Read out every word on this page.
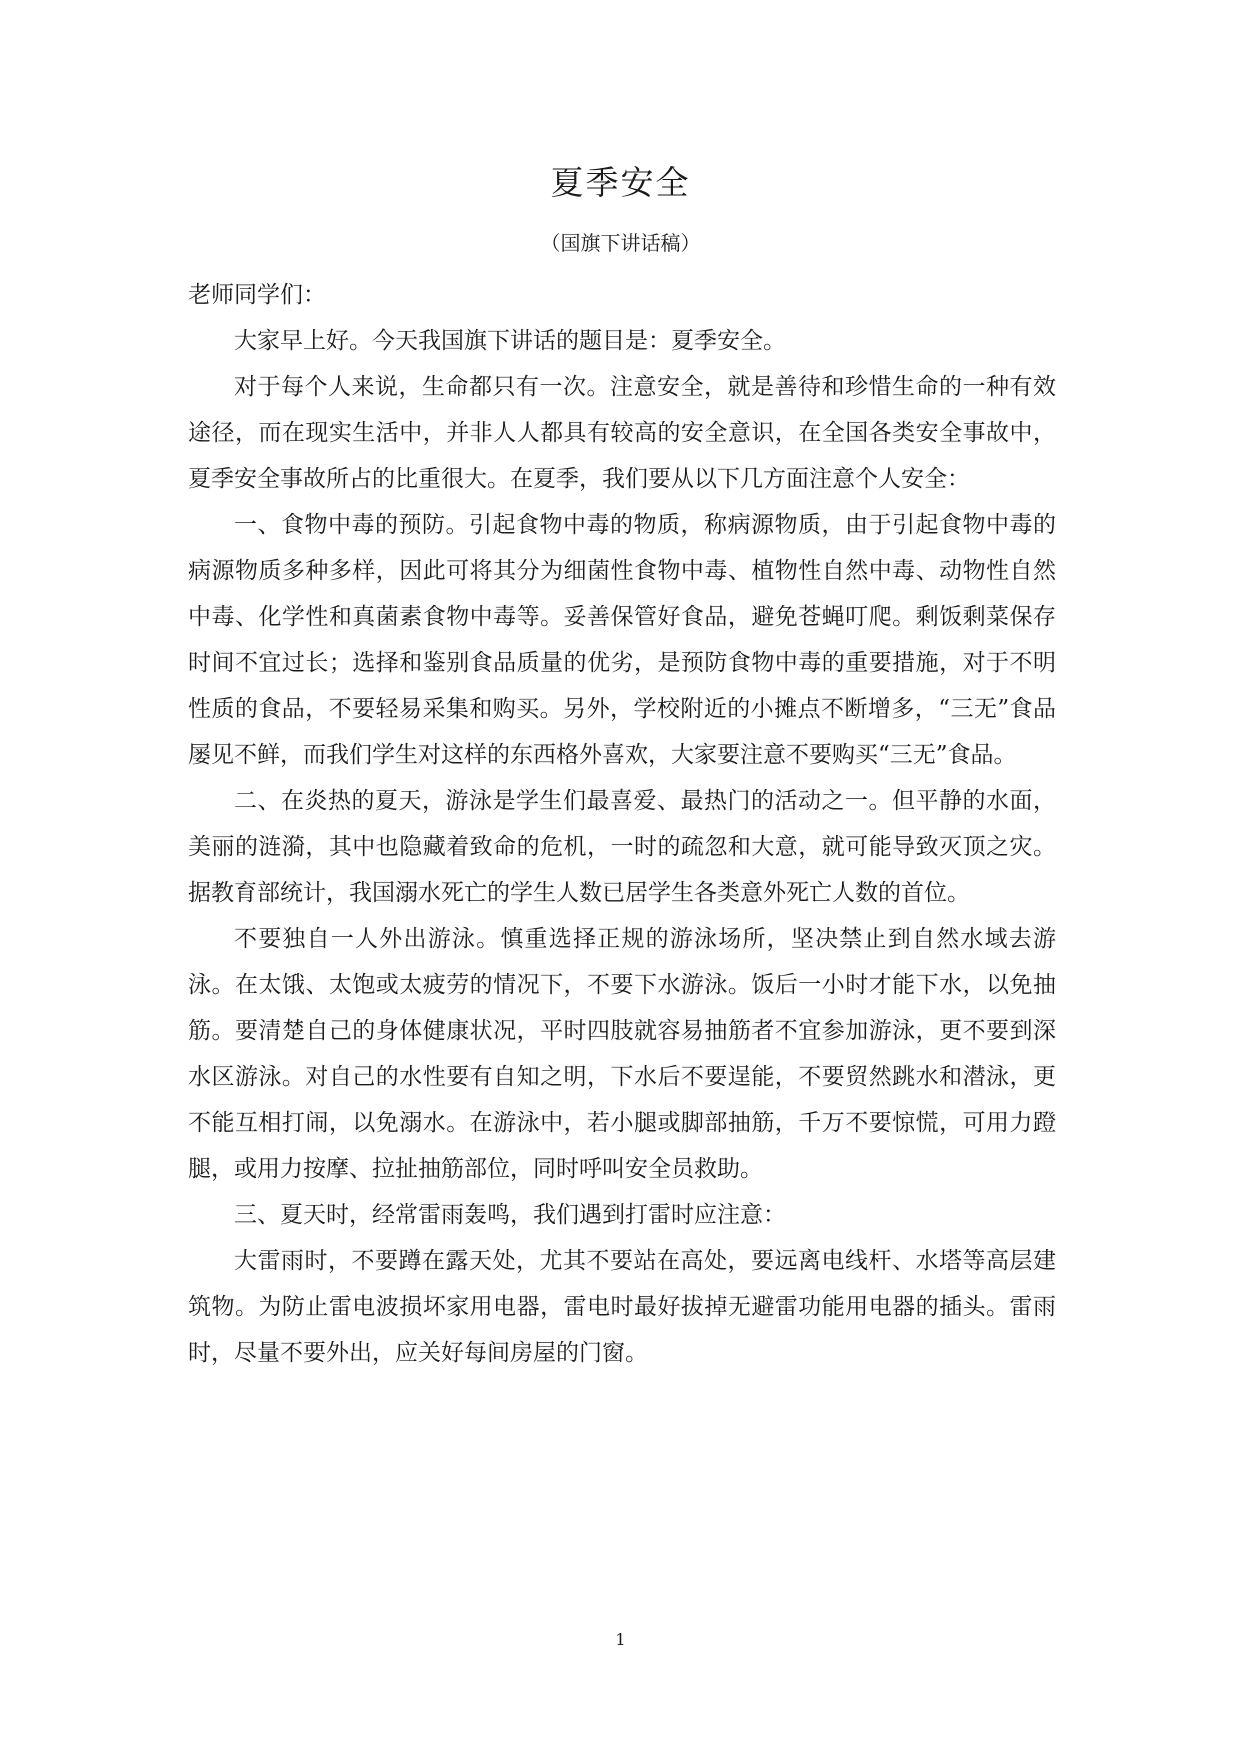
夏季安全
（国旗下讲话稿）

老师同学们：

大家早上好。今天我国旗下讲话的题目是：夏季安全。

对于每个人来说，生命都只有一次。注意安全，就是善待和珍惜生命的一种有效途径，而在现实生活中，并非人人都具有较高的安全意识，在全国各类安全事故中，夏季安全事故所占的比重很大。在夏季，我们要从以下几方面注意个人安全：

一、食物中毒的预防。引起食物中毒的物质，称病源物质，由于引起食物中毒的病源物质多种多样，因此可将其分为细菌性食物中毒、植物性自然中毒、动物性自然中毒、化学性和真菌素食物中毒等。妥善保管好食品，避免苍蝇叮爬。剩饭剩菜保存时间不宜过长；选择和鉴别食品质量的优劣，是预防食物中毒的重要措施，对于不明性质的食品，不要轻易采集和购买。另外，学校附近的小摊点不断增多，“三无”食品屡见不鲜，而我们学生对这样的东西格外喜欢，大家要注意不要购买“三无”食品。

二、在炎热的夏天，游泳是学生们最喜爱、最热门的活动之一。但平静的水面，美丽的涟漪，其中也隐藏着致命的危机，一时的疏忽和大意，就可能导致灭顶之灾。据教育部统计，我国溺水死亡的学生人数已居学生各类意外死亡人数的首位。

不要独自一人外出游泳。慎重选择正规的游泳场所，坚决禁止到自然水域去游泳。在太饿、太饱或太疲劳的情况下，不要下水游泳。饭后一小时才能下水，以免抽筋。要清楚自己的身体健康状况，平时四肢就容易抽筋者不宜参加游泳，更不要到深水区游泳。对自己的水性要有自知之明，下水后不要逞能，不要贸然跳水和潜泳，更不能互相打闹，以免溺水。在游泳中，若小腿或脚部抽筋，千万不要惊慌，可用力蹬腿，或用力按摩、拉扯抽筋部位，同时呼叫安全员救助。

三、夏天时，经常雷雨轰鸣，我们遇到打雷时应注意：

大雷雨时，不要蹲在露天处，尤其不要站在高处，要远离电线杆、水塔等高层建筑物。为防止雷电波损坏家用电器，雷电时最好拔掉无避雷功能用电器的插头。雷雨时，尽量不要外出，应关好每间房屋的门窗。

1
